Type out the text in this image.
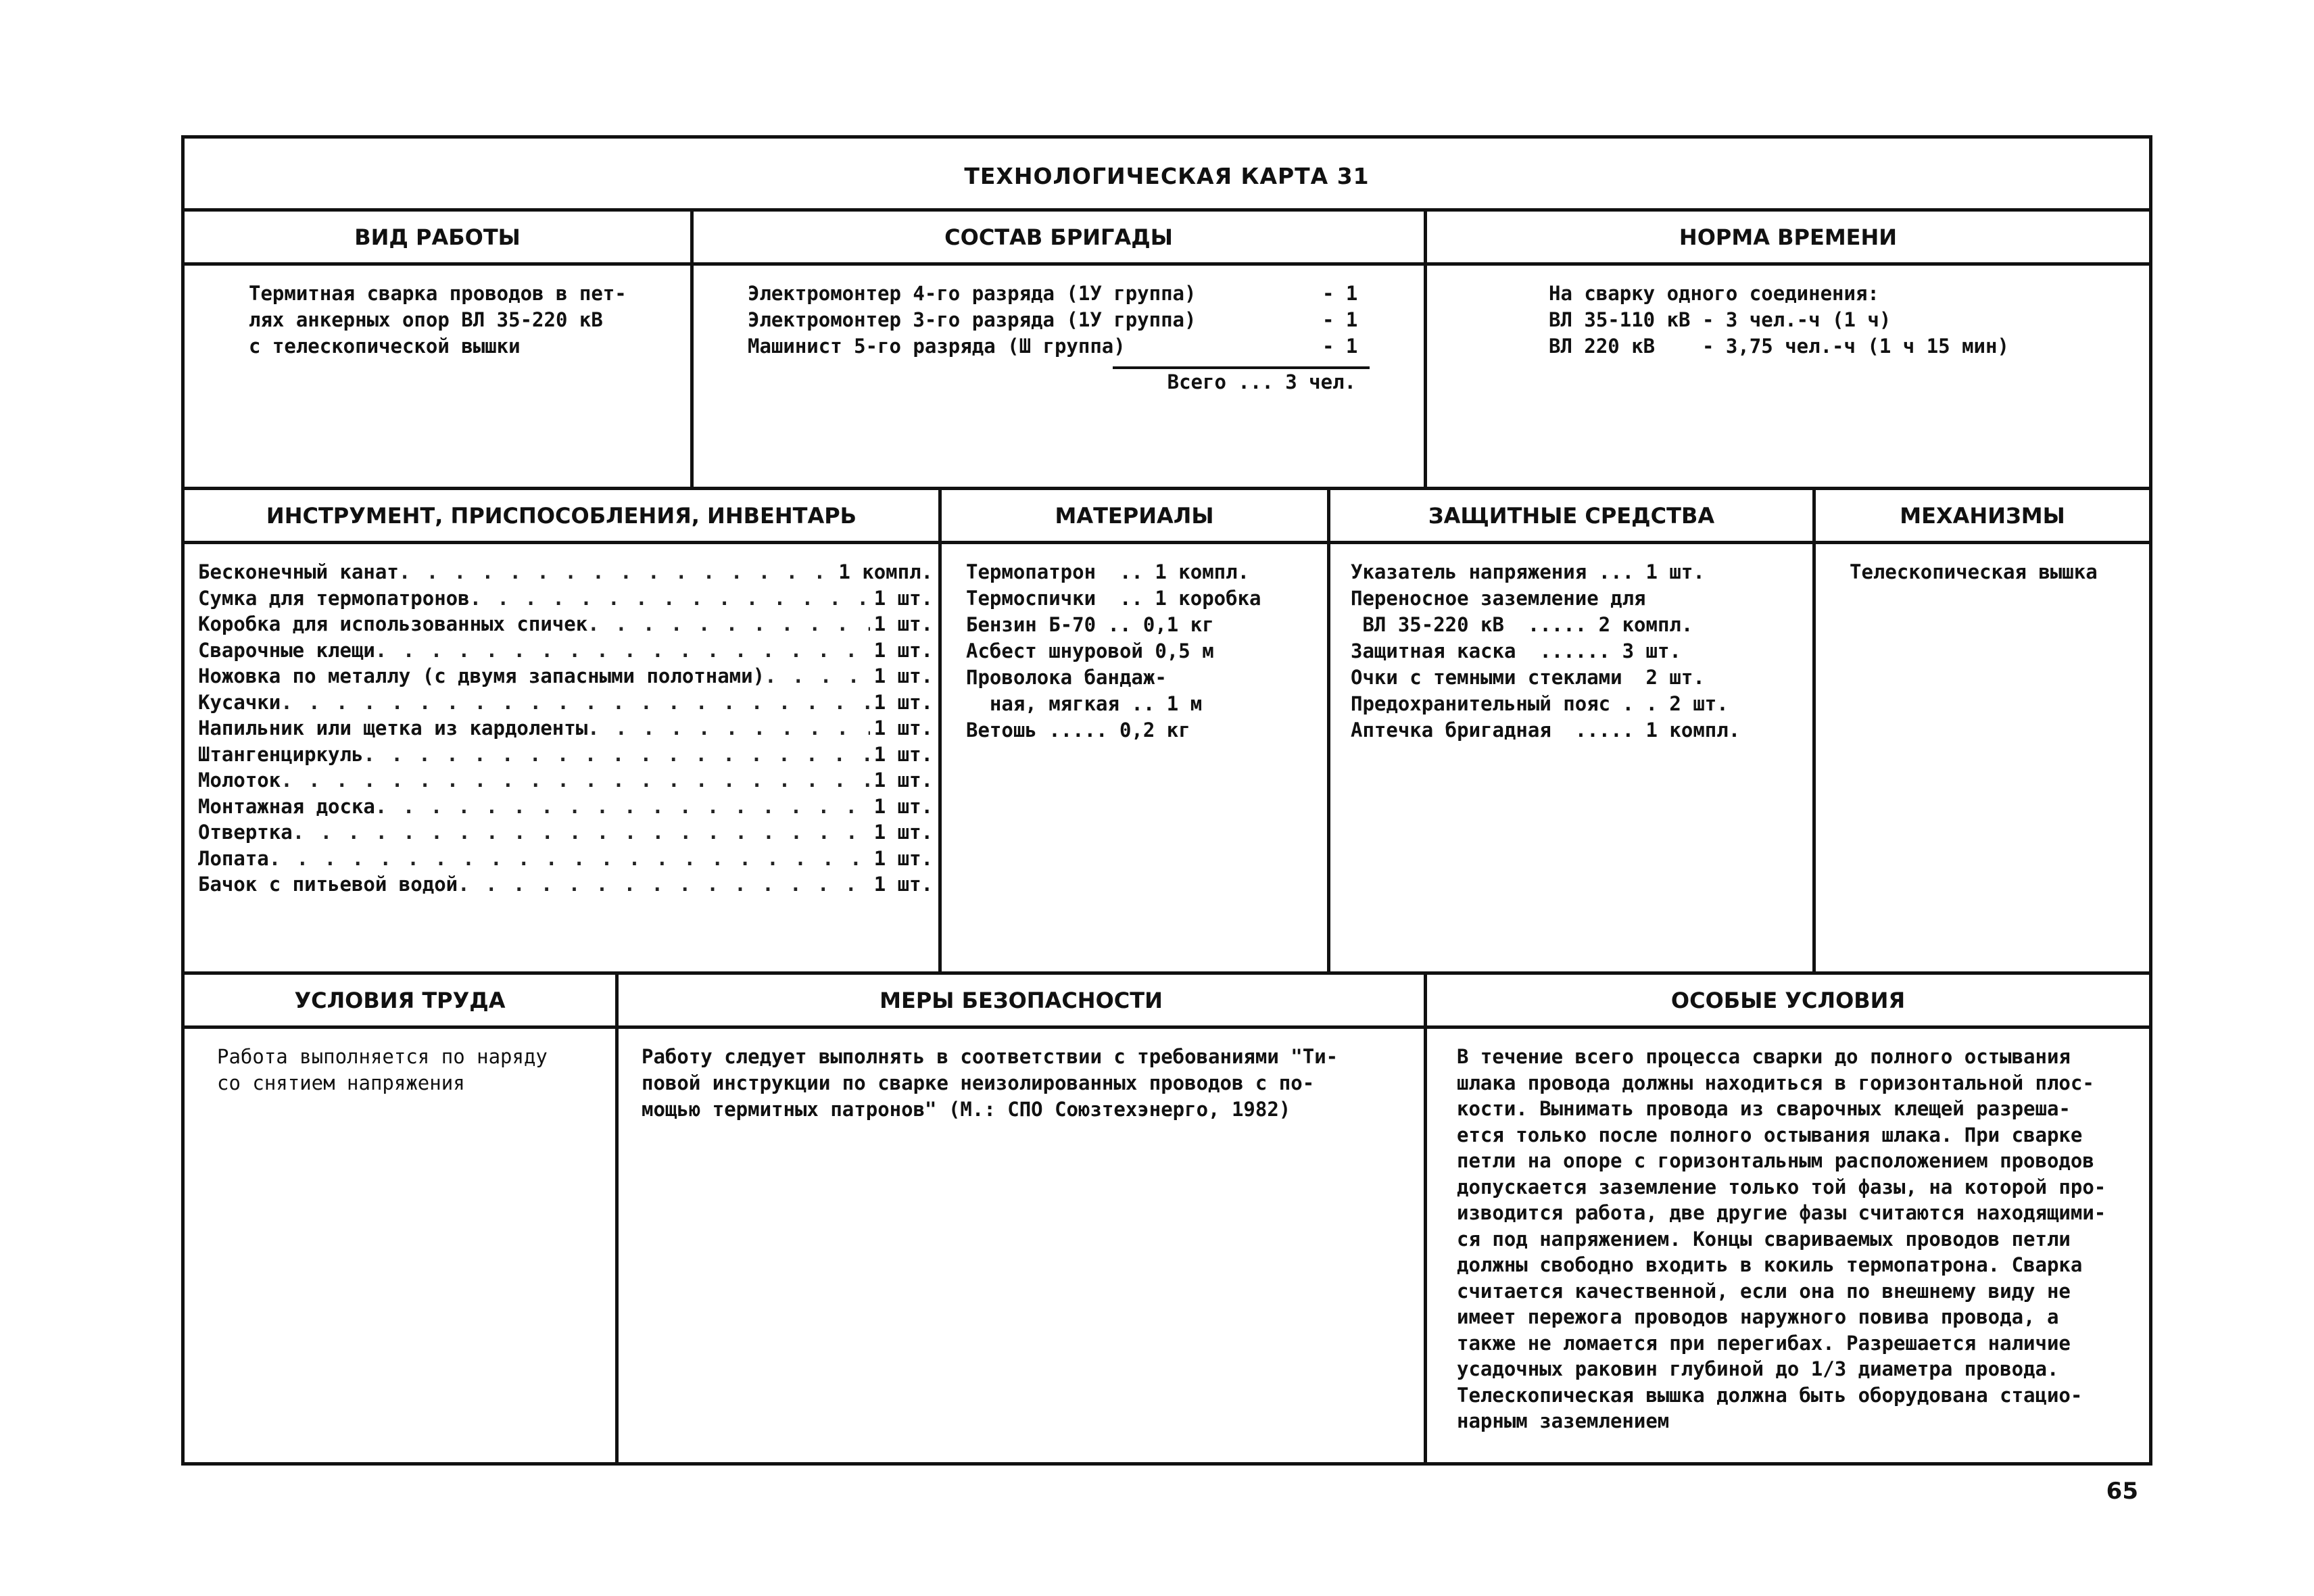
ТЕХНОЛОГИЧЕСКАЯ КАРТА 31
ВИД РАБОТЫ
Термитная сварка проводов в пет-
лях анкерных опор ВЛ 35-220 кВ
с телескопической вышки
СОСТАВ БРИГАДЫ
Электромонтер 4-го разряда (1У группа)	- 1
Электромонтер 3-го разряда (1У группа)	- 1
Машинист 5-го разряда (Ш группа)	- 1
Всего ... 3 чел.
НОРМА ВРЕМЕНИ
На сварку одного соединения:
ВЛ 35-110 кВ - 3 чел.-ч (1 ч)
ВЛ 220 кВ    - 3,75 чел.-ч (1 ч 15 мин)
ИНСТРУМЕНТ, ПРИСПОСОБЛЕНИЯ, ИНВЕНТАРЬ
Бесконечный канат . . .	1 компл.
Сумка для термопатронов . . .	1 шт.
Коробка для использованных спичек . . .	1 шт.
Сварочные клещи . . .	1 шт.
Ножовка по металлу (с двумя запасными полотнами) . . .	1 шт.
Кусачки . . .	1 шт.
Напильник или щетка из кардоленты . . .	1 шт.
Штангенциркуль . . .	1 шт.
Молоток . . .	1 шт.
Монтажная доска . . .	1 шт.
Отвертка . . .	1 шт.
Лопата . . .	1 шт.
Бачок с питьевой водой . . .	1 шт.
МАТЕРИАЛЫ
Термопатрон  .. 1 компл.
Термоспички  .. 1 коробка
Бензин Б-70 .. 0,1 кг
Асбест шнуровой 0,5 м
Проволока бандаж-
ная, мягкая .. 1 м
Ветошь ..... 0,2 кг
ЗАЩИТНЫЕ СРЕДСТВА
Указатель напряжения ... 1 шт.
Переносное заземление для
ВЛ 35-220 кВ  ..... 2 компл.
Защитная каска  ...... 3 шт.
Очки с темными стеклами  2 шт.
Предохранительный пояс . . 2 шт.
Аптечка бригадная  ..... 1 компл.
МЕХАНИЗМЫ
Телескопическая вышка
УСЛОВИЯ ТРУДА
Работа выполняется по наряду
со снятием напряжения
МЕРЫ БЕЗОПАСНОСТИ
Работу следует выполнять в соответствии с требованиями "Ти-
повой инструкции по сварке неизолированных проводов с по-
мощью термитных патронов" (М.: СПО Союзтехэнерго, 1982)
ОСОБЫЕ УСЛОВИЯ
В течение всего процесса сварки до полного остывания
шлака провода должны находиться в горизонтальной плос-
кости. Вынимать провода из сварочных клещей разреша-
ется только после полного остывания шлака. При сварке
петли на опоре с горизонтальным расположением проводов
допускается заземление только той фазы, на которой про-
изводится работа, две другие фазы считаются находящими-
ся под напряжением. Концы свариваемых проводов петли
должны свободно входить в кокиль термопатрона. Сварка
считается качественной, если она по внешнему виду не
имеет пережога проводов наружного повива провода, а
также не ломается при перегибах. Разрешается наличие
усадочных раковин глубиной до 1/3 диаметра провода.
Телескопическая вышка должна быть оборудована стацио-
нарным заземлением
65
